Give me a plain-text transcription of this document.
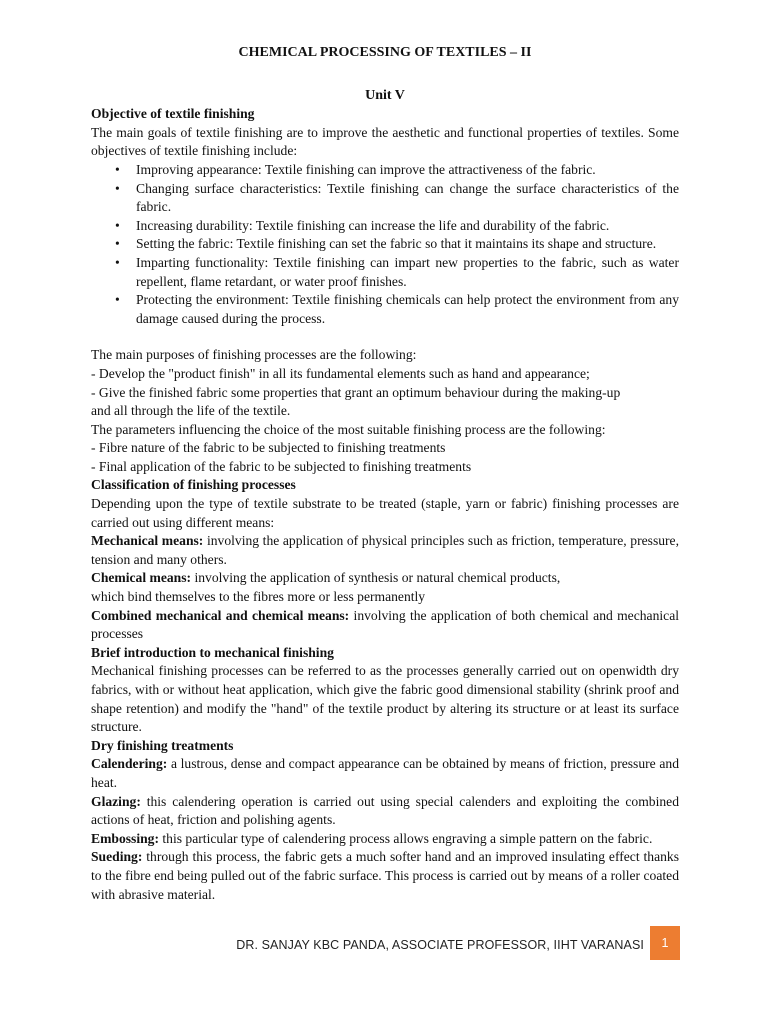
CHEMICAL PROCESSING OF TEXTILES – II

Unit V

Objective of textile finishing

The main goals of textile finishing are to improve the aesthetic and functional properties of textiles. Some objectives of textile finishing include:

• Improving appearance: Textile finishing can improve the attractiveness of the fabric.
• Changing surface characteristics: Textile finishing can change the surface characteristics of the fabric.
• Increasing durability: Textile finishing can increase the life and durability of the fabric.
• Setting the fabric: Textile finishing can set the fabric so that it maintains its shape and structure.
• Imparting functionality: Textile finishing can impart new properties to the fabric, such as water repellent, flame retardant, or water proof finishes.
• Protecting the environment: Textile finishing chemicals can help protect the environment from any damage caused during the process.

The main purposes of finishing processes are the following:

- Develop the "product finish" in all its fundamental elements such as hand and appearance;

- Give the finished fabric some properties that grant an optimum behaviour during the making-up

and all through the life of the textile.

The parameters influencing the choice of the most suitable finishing process are the following:

- Fibre nature of the fabric to be subjected to finishing treatments

- Final application of the fabric to be subjected to finishing treatments

Classification of finishing processes

Depending upon the type of textile substrate to be treated (staple, yarn or fabric) finishing processes are carried out using different means:

Mechanical means: involving the application of physical principles such as friction, temperature, pressure, tension and many others.

Chemical means: involving the application of synthesis or natural chemical products,

which bind themselves to the fibres more or less permanently

Combined mechanical and chemical means: involving the application of both chemical and mechanical processes

Brief introduction to mechanical finishing

Mechanical finishing processes can be referred to as the processes generally carried out on openwidth dry fabrics, with or without heat application, which give the fabric good dimensional stability (shrink proof and shape retention) and modify the "hand" of the textile product by altering its structure or at least its surface structure.

Dry finishing treatments

Calendering: a lustrous, dense and compact appearance can be obtained by means of friction, pressure and heat.

Glazing: this calendering operation is carried out using special calenders and exploiting the combined actions of heat, friction and polishing agents.

Embossing: this particular type of calendering process allows engraving a simple pattern on the fabric.

Sueding: through this process, the fabric gets a much softer hand and an improved insulating effect thanks to the fibre end being pulled out of the fabric surface. This process is carried out by means of a roller coated with abrasive material.

DR. SANJAY KBC PANDA, ASSOCIATE PROFESSOR, IIHT VARANASI	1
